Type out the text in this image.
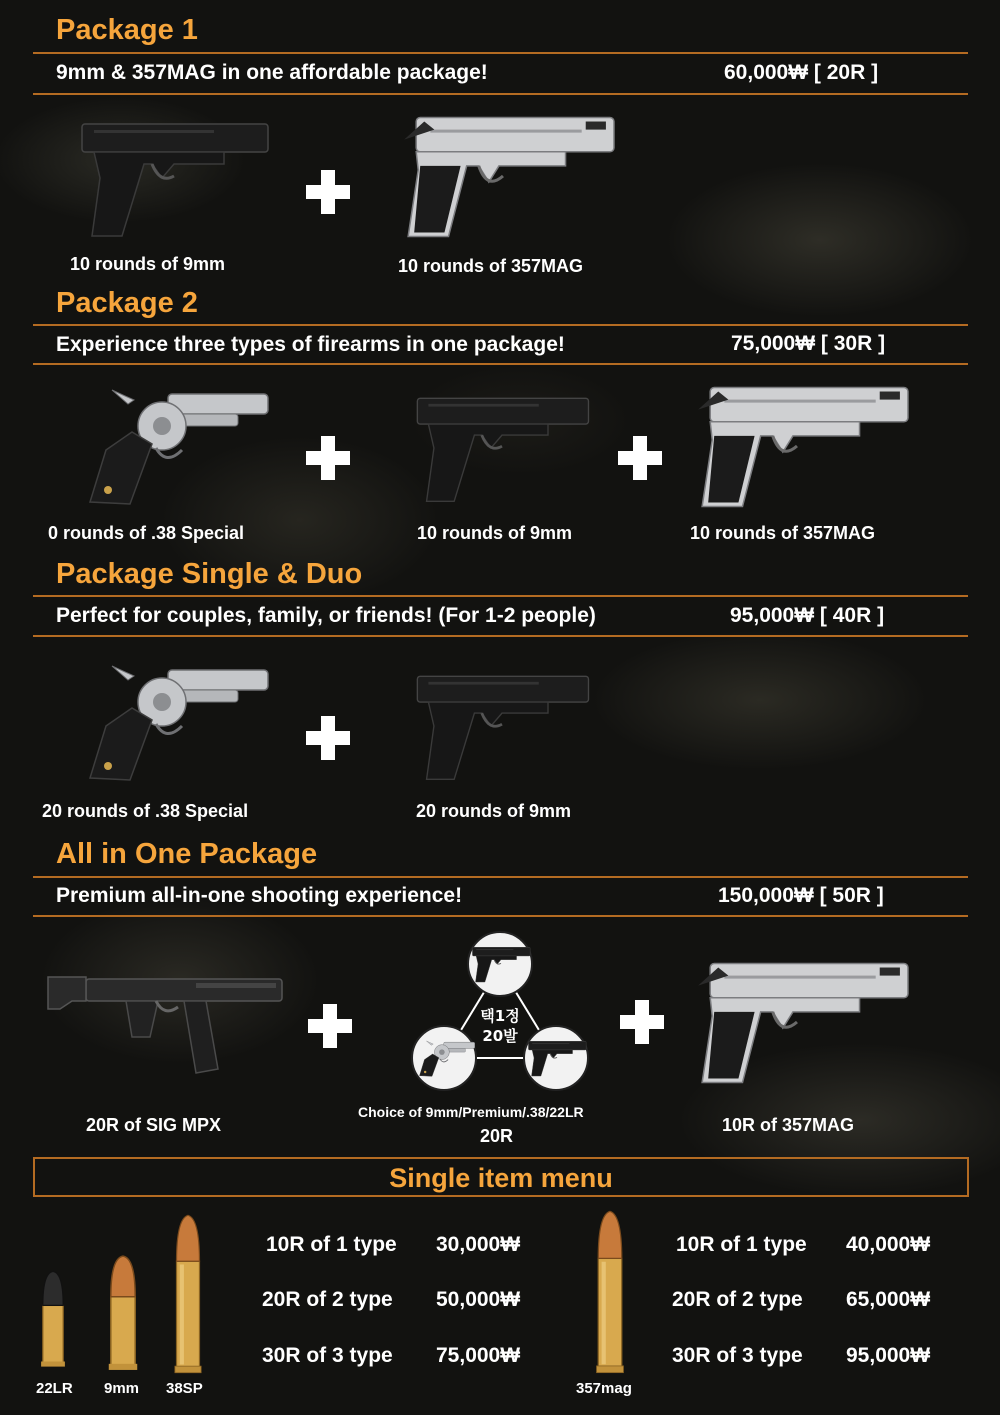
Package 1
9mm & 357MAG in one affordable package!	60,000₩ [ 20R ]
10 rounds of 9mm	10 rounds of 357MAG
Package 2
Experience three types of firearms in one package!	75,000₩ [ 30R ]
0 rounds of .38 Special	10 rounds of 9mm	10 rounds of 357MAG
Package Single & Duo
Perfect for couples, family, or friends! (For 1-2 people)	95,000₩ [ 40R ]
20 rounds of .38 Special	20 rounds of 9mm
All in One Package
Premium all-in-one shooting experience!	150,000₩ [ 50R ]
택1정
20발
20R of SIG MPX
Choice of 9mm/Premium/.38/22LR
20R
10R of 357MAG
Single item menu
22LR 9mm 38SP
10R of 1 type 30,000₩
20R of 2 type 50,000₩
30R of 3 type 75,000₩
357mag
10R of 1 type 40,000₩
20R of 2 type 65,000₩
30R of 3 type 95,000₩
